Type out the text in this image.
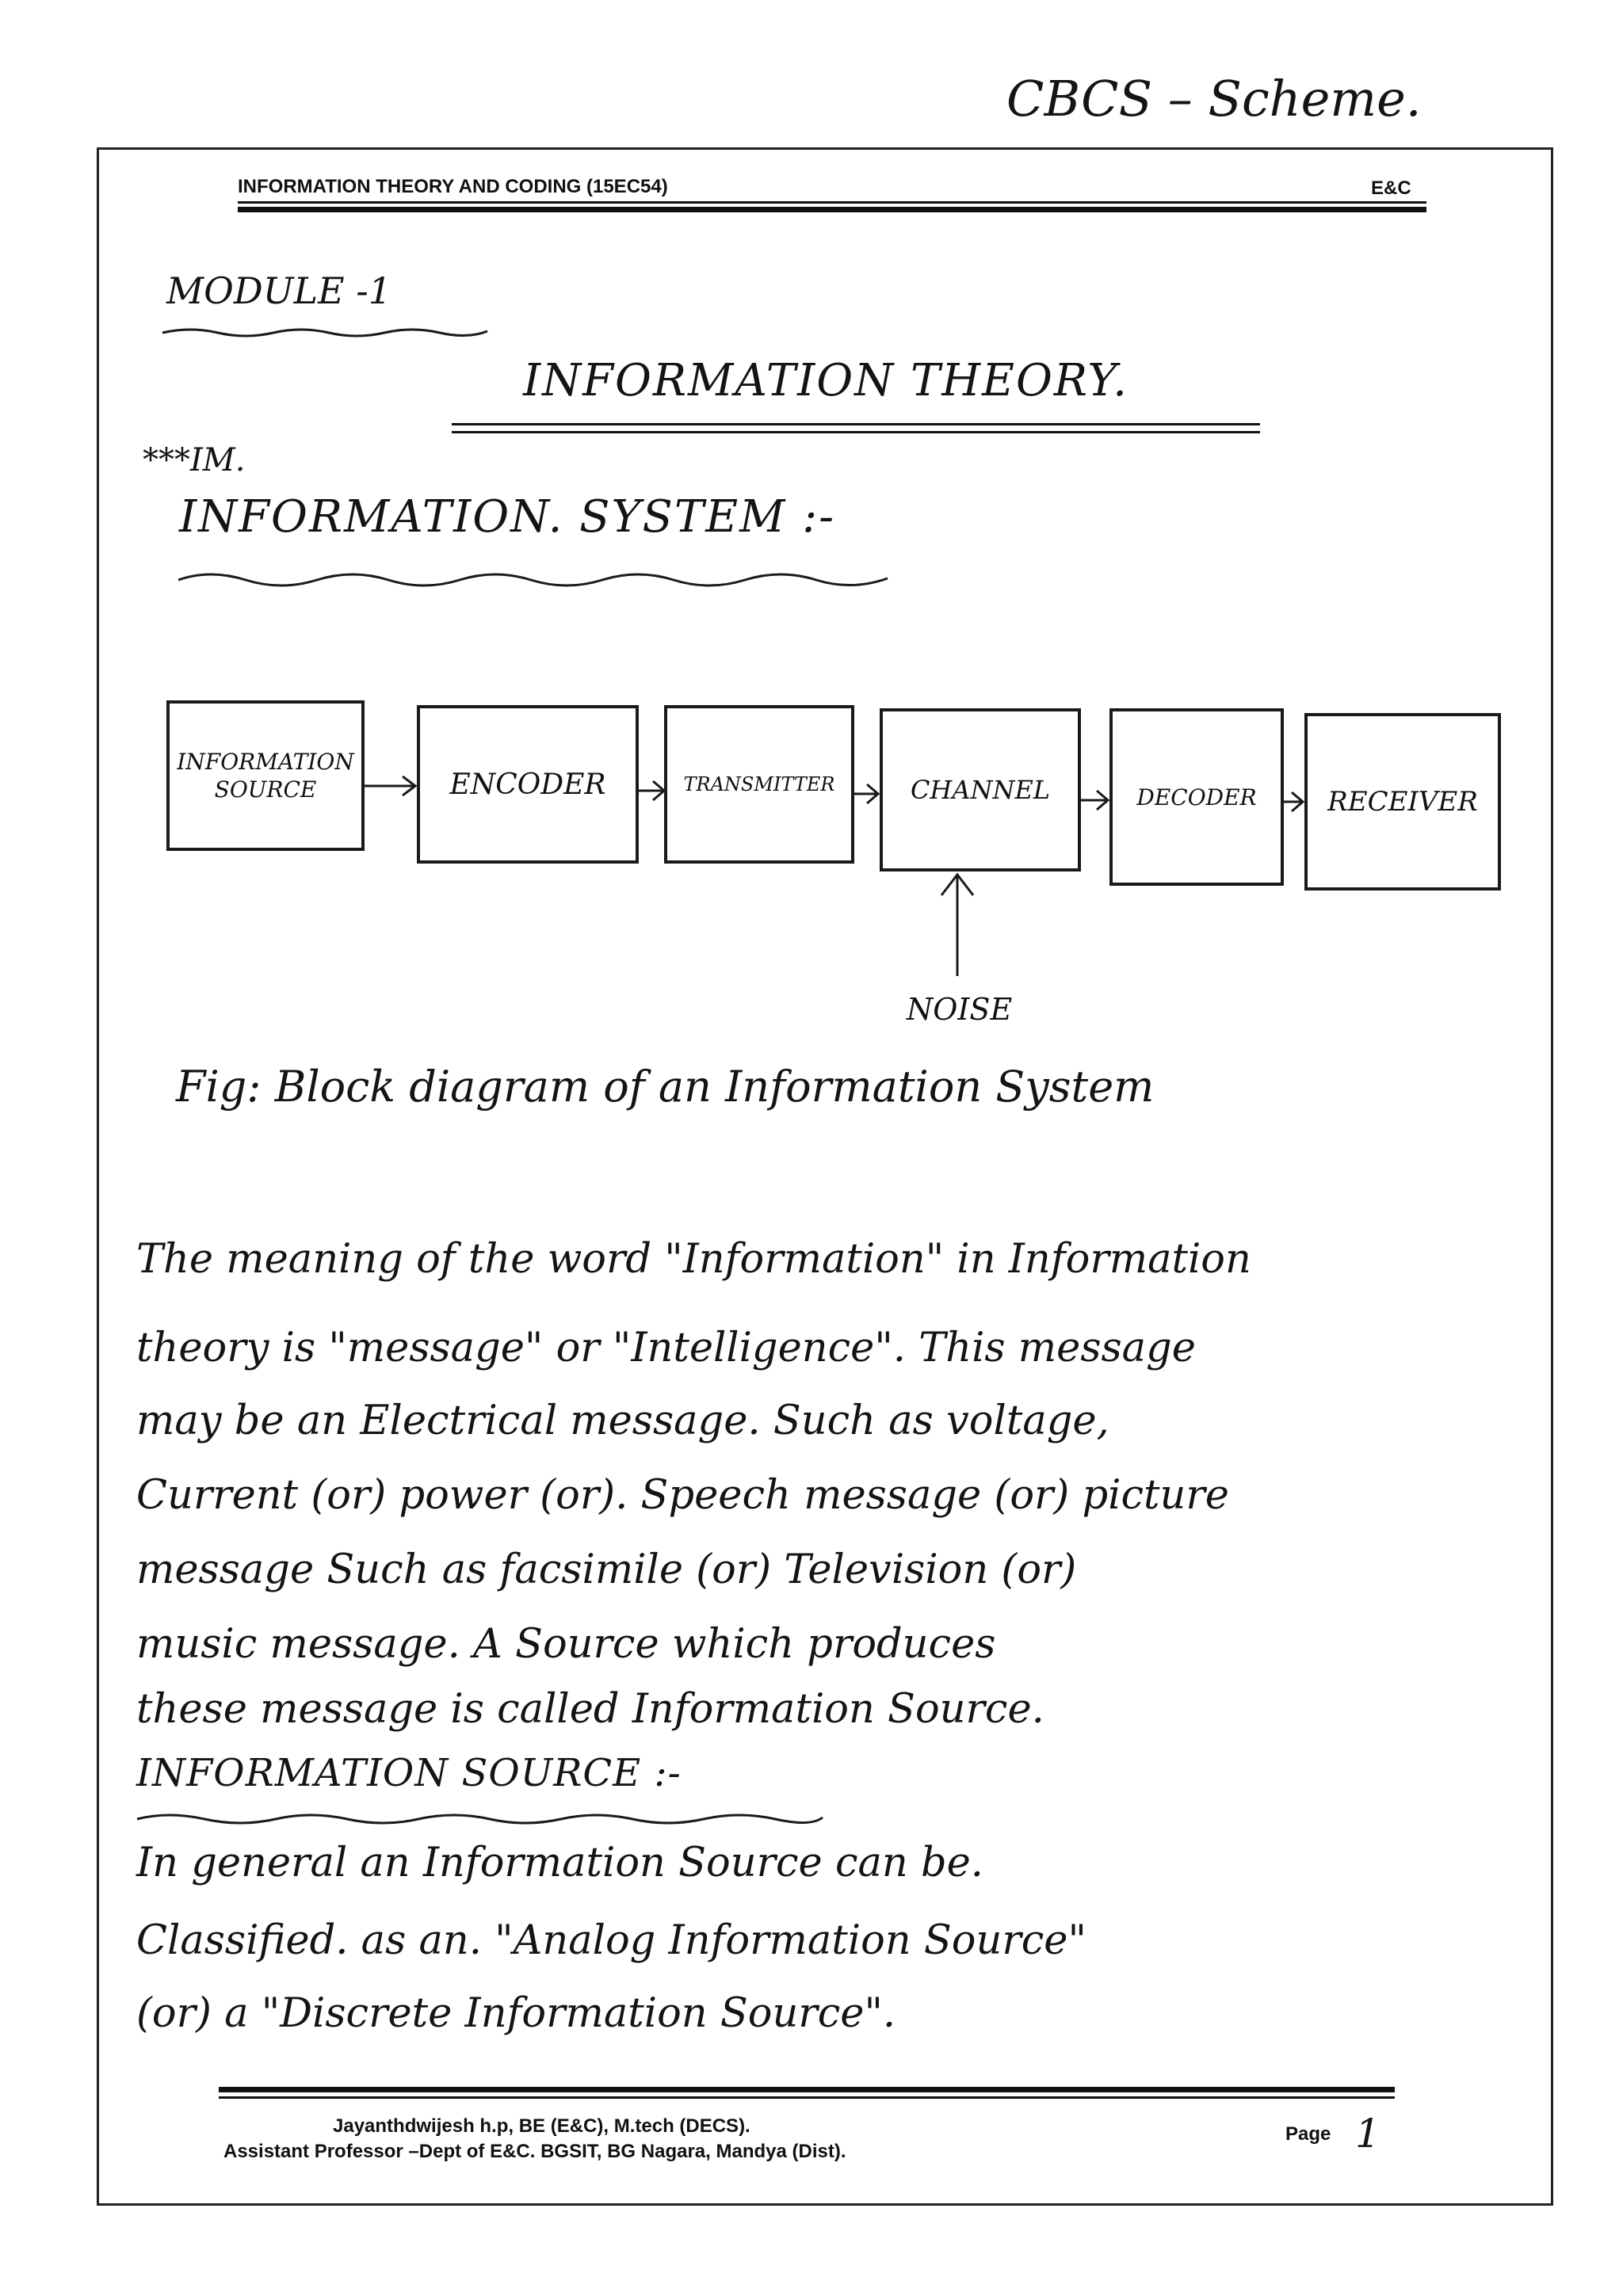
CBCS – Scheme.
INFORMATION THEORY AND CODING (15EC54)	E&C
MODULE -1
INFORMATION THEORY.
***IM.
INFORMATION. SYSTEM :-
INFORMATION SOURCE	ENCODER	TRANSMITTER	CHANNEL	DECODER	RECEIVER
NOISE
Fig: Block diagram of an Information System
The meaning of the word "Information" in Information
theory is "message" or "Intelligence". This message
may be an Electrical message. Such as voltage,
Current (or) power (or). Speech message (or) picture
message Such as facsimile (or) Television (or)
music message. A Source which produces
these message is called Information Source.
INFORMATION SOURCE :-
In general an Information Source can be.
Classified. as an. "Analog Information Source"
(or) a "Discrete Information Source".
Jayanthdwijesh h.p, BE (E&C), M.tech (DECS).
Assistant Professor –Dept of E&C. BGSIT, BG Nagara, Mandya (Dist).
Page 1
